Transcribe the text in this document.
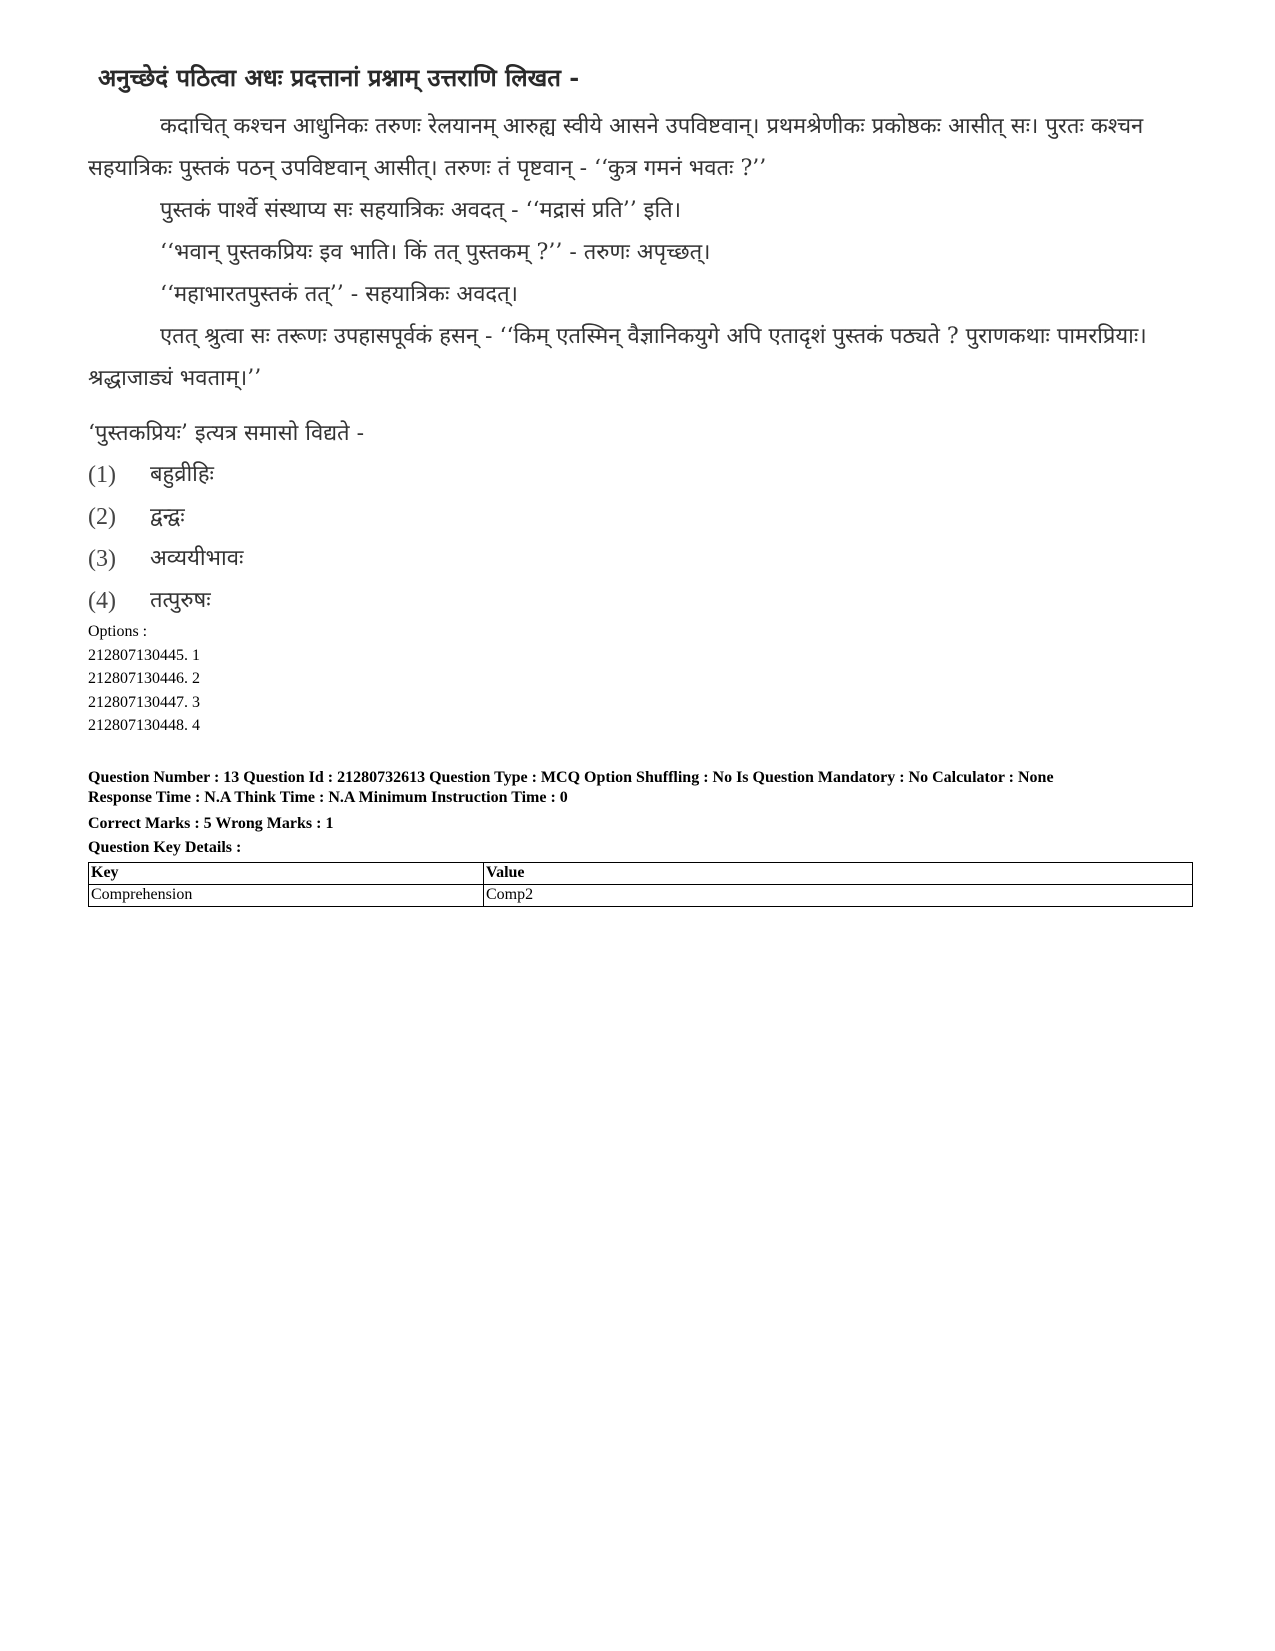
अनुच्छेदं पठित्वा अधः प्रदत्तानां प्रश्नाम् उत्तराणि लिखत -

कदाचित् कश्चन आधुनिकः तरुणः रेलयानम् आरुह्य स्वीये आसने उपविष्टवान्। प्रथमश्रेणीकः प्रकोष्ठकः आसीत् सः। पुरतः कश्चन सहयात्रिकः पुस्तकं पठन् उपविष्टवान् आसीत्। तरुणः तं पृष्टवान् - ‘‘कुत्र गमनं भवतः ?’’

पुस्तकं पार्श्वे संस्थाप्य सः सहयात्रिकः अवदत् - ‘‘मद्रासं प्रति’’ इति।

‘‘भवान् पुस्तकप्रियः इव भाति। किं तत् पुस्तकम् ?’’ - तरुणः अपृच्छत्।

‘‘महाभारतपुस्तकं तत्’’ - सहयात्रिकः अवदत्।

एतत् श्रुत्वा सः तरूणः उपहासपूर्वकं हसन् - ‘‘किम् एतस्मिन् वैज्ञानिकयुगे अपि एतादृशं पुस्तकं पठ्यते ? पुराणकथाः पामरप्रियाः। श्रद्धाजाड्यं भवताम्।’’

‘पुस्तकप्रियः’ इत्यत्र समासो विद्यते -
(1)	बहुव्रीहिः
(2)	द्वन्द्वः
(3)	अव्ययीभावः
(4)	तत्पुरुषः
Options :
212807130445. 1
212807130446. 2
212807130447. 3
212807130448. 4
Question Number : 13 Question Id : 21280732613 Question Type : MCQ Option Shuffling : No Is Question Mandatory : No Calculator : None
Response Time : N.A Think Time : N.A Minimum Instruction Time : 0
Correct Marks : 5 Wrong Marks : 1
Question Key Details :
Key	Value
Comprehension	Comp2
